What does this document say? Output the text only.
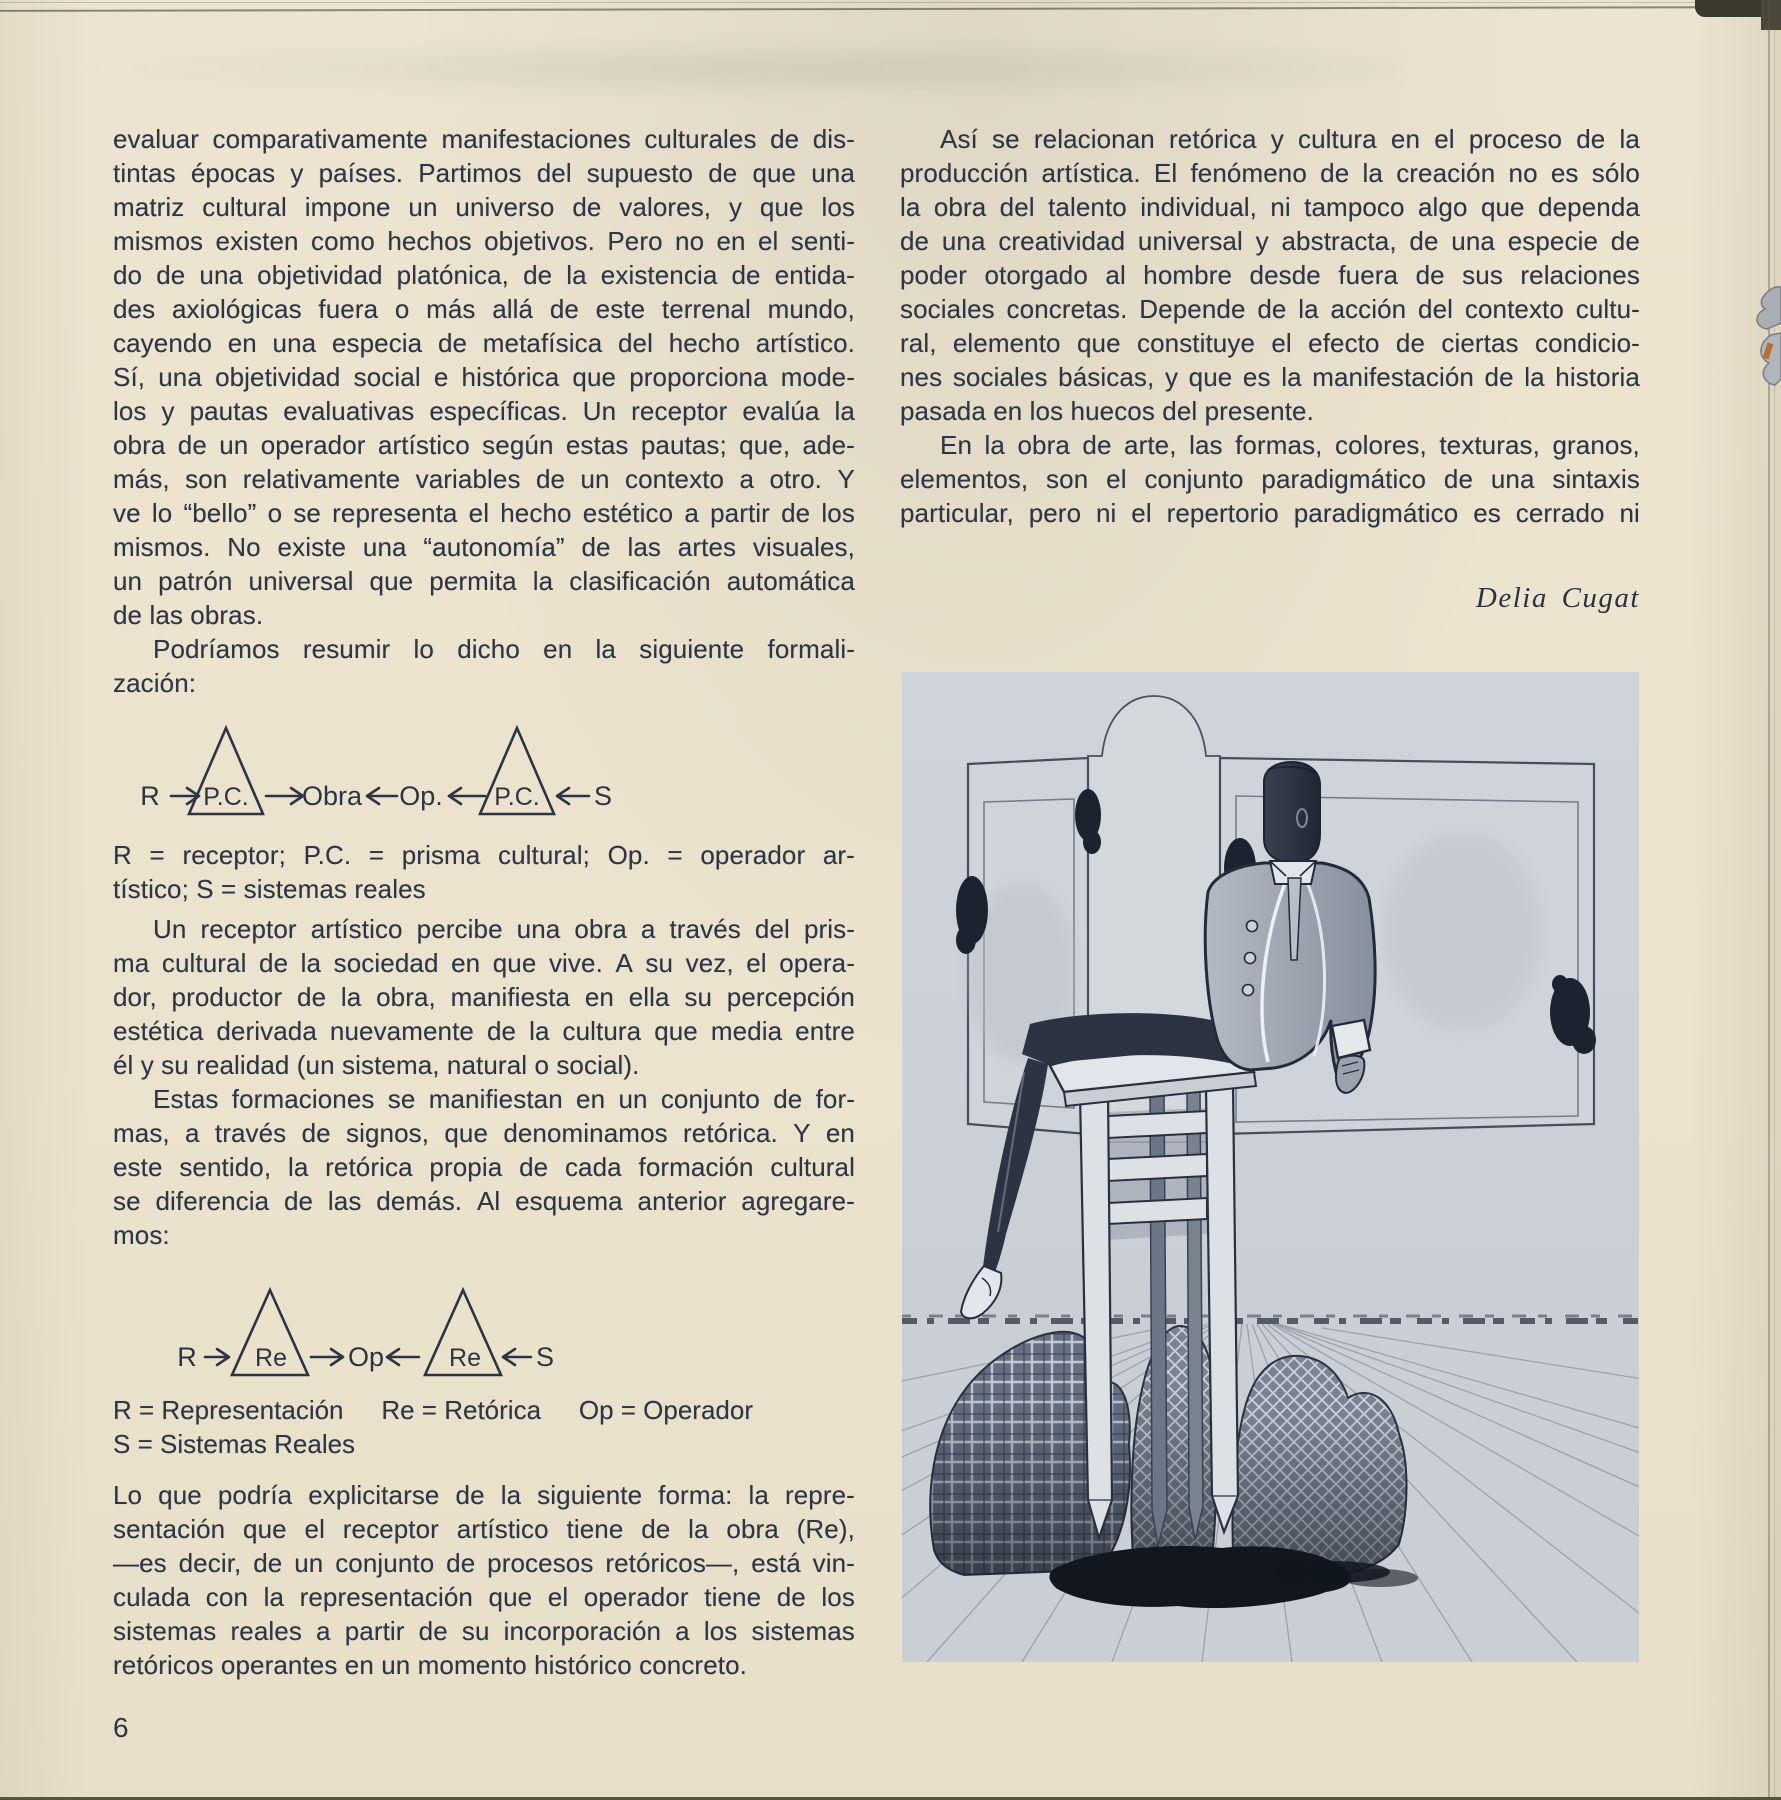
evaluar comparativamente manifestaciones culturales de dis-
tintas épocas y países. Partimos del supuesto de que una
matriz cultural impone un universo de valores, y que los
mismos existen como hechos objetivos. Pero no en el senti-
do de una objetividad platónica, de la existencia de entida-
des axiológicas fuera o más allá de este terrenal mundo,
cayendo en una especia de metafísica del hecho artístico.
Sí, una objetividad social e histórica que proporciona mode-
los y pautas evaluativas específicas. Un receptor evalúa la
obra de un operador artístico según estas pautas; que, ade-
más, son relativamente variables de un contexto a otro. Y
ve lo “bello” o se representa el hecho estético a partir de los
mismos. No existe una “autonomía” de las artes visuales,
un patrón universal que permita la clasificación automática
de las obras.
Podríamos resumir lo dicho en la siguiente formali-
zación:
R P.C. Obra Op. P.C. S
R = receptor; P.C. = prisma cultural; Op. = operador ar-
tístico; S = sistemas reales
Un receptor artístico percibe una obra a través del pris-
ma cultural de la sociedad en que vive. A su vez, el opera-
dor, productor de la obra, manifiesta en ella su percepción
estética derivada nuevamente de la cultura que media entre
él y su realidad (un sistema, natural o social).
Estas formaciones se manifiestan en un conjunto de for-
mas, a través de signos, que denominamos retórica. Y en
este sentido, la retórica propia de cada formación cultural
se diferencia de las demás. Al esquema anterior agregare-
mos:
R Re Op	Re S
R = Representación Re = Retórica Op = Operador
S = Sistemas Reales
Lo que podría explicitarse de la siguiente forma: la repre-
sentación que el receptor artístico tiene de la obra (Re),
—es decir, de un conjunto de procesos retóricos—, está vin-
culada con la representación que el operador tiene de los
sistemas reales a partir de su incorporación a los sistemas
retóricos operantes en un momento histórico concreto.
6
Así se relacionan retórica y cultura en el proceso de la
producción artística. El fenómeno de la creación no es sólo
la obra del talento individual, ni tampoco algo que dependa
de una creatividad universal y abstracta, de una especie de
poder otorgado al hombre desde fuera de sus relaciones
sociales concretas. Depende de la acción del contexto cultu-
ral, elemento que constituye el efecto de ciertas condicio-
nes sociales básicas, y que es la manifestación de la historia
pasada en los huecos del presente.
En la obra de arte, las formas, colores, texturas, granos,
elementos, son el conjunto paradigmático de una sintaxis
particular, pero ni el repertorio paradigmático es cerrado ni
Delia Cugat
